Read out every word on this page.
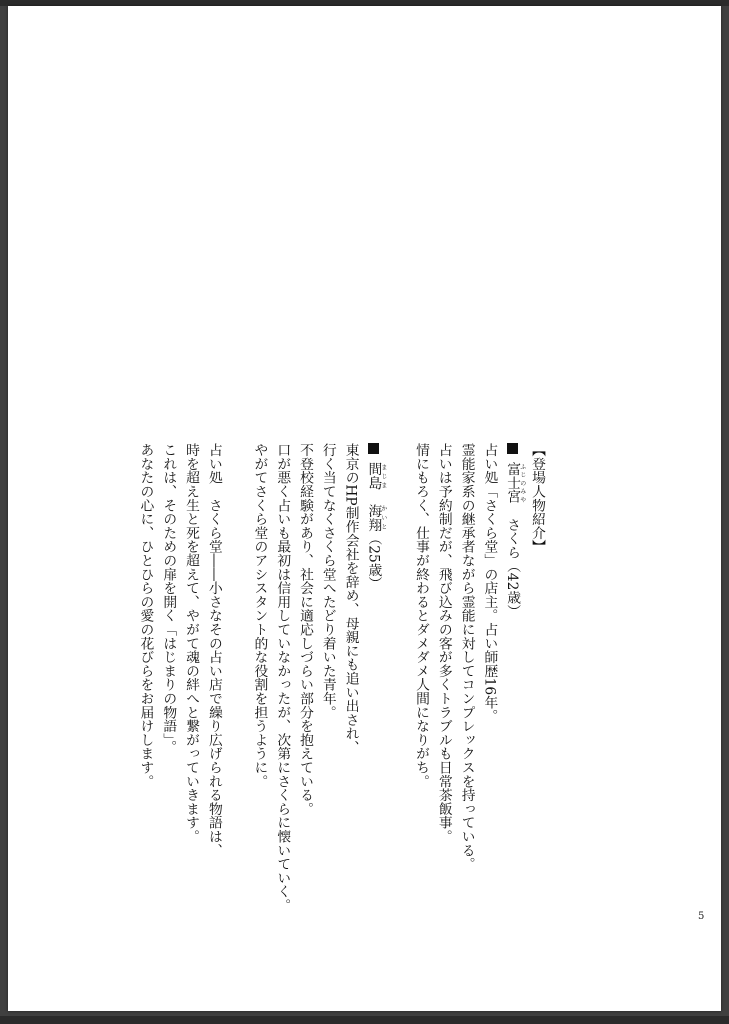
【登場人物紹介】
富士宮ふじのみや　さくら（42歳）
占い処「さくら堂」の店主。占い師歴16年。
霊能家系の継承者ながら霊能に対してコンプレックスを持っている。
占いは予約制だが、飛び込みの客が多くトラブルも日常茶飯事。
情にもろく、仕事が終わるとダメダメ人間になりがち。

間島まじま　海翔かいと（25歳）
東京のHP制作会社を辞め、母親にも追い出され、
行く当てなくさくら堂へたどり着いた青年。
不登校経験があり、社会に適応しづらい部分を抱えている。
口が悪く占いも最初は信用していなかったが、次第にさくらに懐いていく。
やがてさくら堂のアシスタント的な役割を担うように。

占い処　さくら堂――小さなその占い店で繰り広げられる物語は、
時を超え生と死を超えて、やがて魂の絆へと繋がっていきます。
これは、そのための扉を開く「はじまりの物語」。
あなたの心に、ひとひらの愛の花びらをお届けします。
5
